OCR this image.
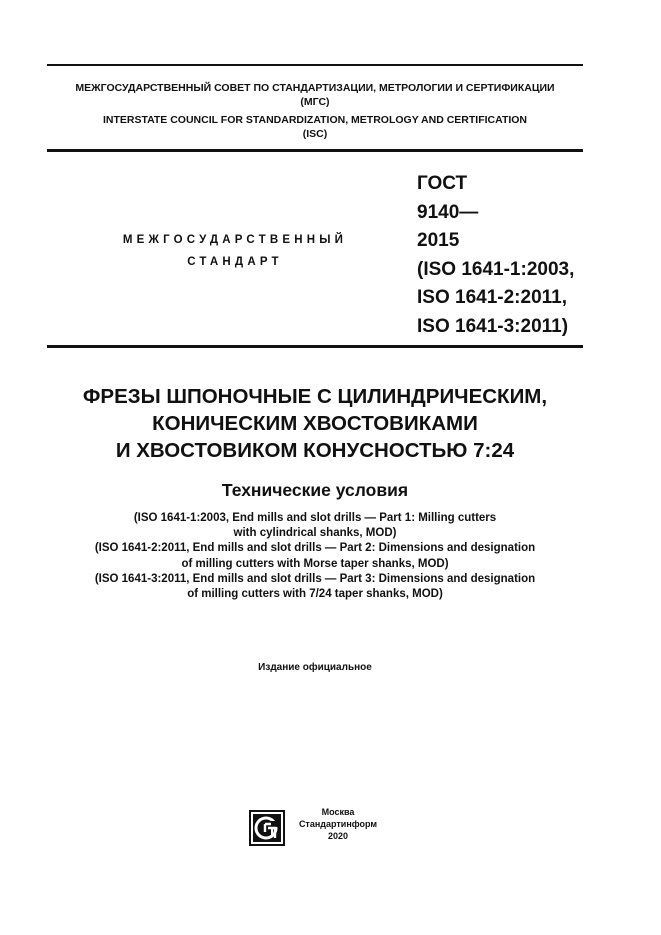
МЕЖГОСУДАРСТВЕННЫЙ СОВЕТ ПО СТАНДАРТИЗАЦИИ, МЕТРОЛОГИИ И СЕРТИФИКАЦИИ
(МГС)
INTERSTATE COUNCIL FOR STANDARDIZATION, METROLOGY AND CERTIFICATION
(ISC)
МЕЖГОСУДАРСТВЕННЫЙ
СТАНДАРТ
ГОСТ
9140—
2015
(ISO 1641-1:2003,
ISO 1641-2:2011,
ISO 1641-3:2011)
ФРЕЗЫ ШПОНОЧНЫЕ С ЦИЛИНДРИЧЕСКИМ,
КОНИЧЕСКИМ ХВОСТОВИКАМИ
И ХВОСТОВИКОМ КОНУСНОСТЬЮ 7:24
Технические условия
(ISO 1641-1:2003, End mills and slot drills — Part 1: Milling cutters
with cylindrical shanks, MOD)
(ISO 1641-2:2011, End mills and slot drills — Part 2: Dimensions and designation
of milling cutters with Morse taper shanks, MOD)
(ISO 1641-3:2011, End mills and slot drills — Part 3: Dimensions and designation
of milling cutters with 7/24 taper shanks, MOD)
Издание официальное
Москва
Стандартинформ
2020
